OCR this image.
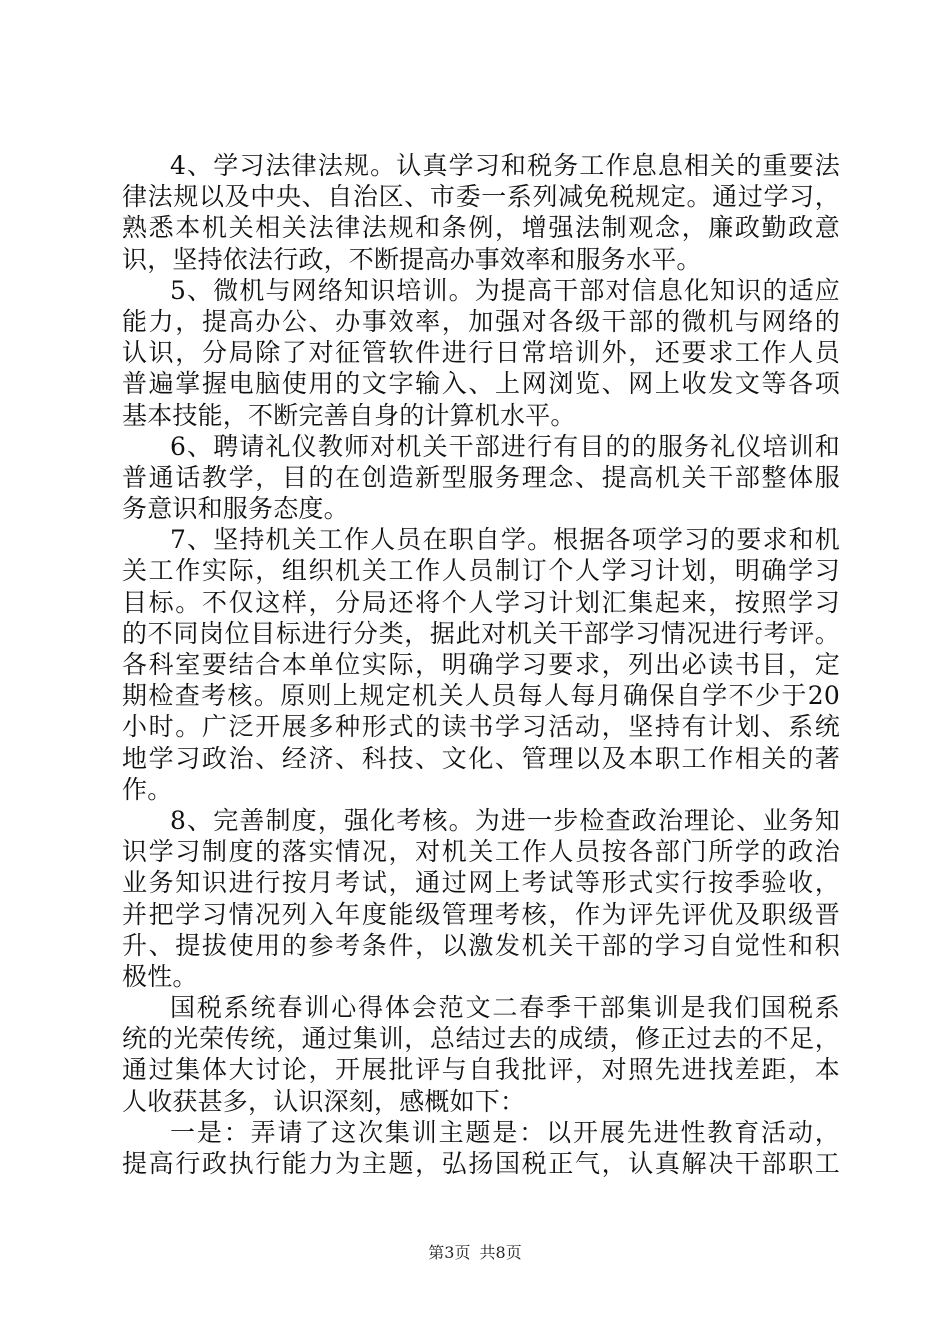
4、学习法律法规。认真学习和税务工作息息相关的重要法
律法规以及中央、自治区、市委一系列减免税规定。通过学习，
熟悉本机关相关法律法规和条例，增强法制观念，廉政勤政意
识，坚持依法行政，不断提高办事效率和服务水平。
5、微机与网络知识培训。为提高干部对信息化知识的适应
能力，提高办公、办事效率，加强对各级干部的微机与网络的
认识，分局除了对征管软件进行日常培训外，还要求工作人员
普遍掌握电脑使用的文字输入、上网浏览、网上收发文等各项
基本技能，不断完善自身的计算机水平。
6、聘请礼仪教师对机关干部进行有目的的服务礼仪培训和
普通话教学，目的在创造新型服务理念、提高机关干部整体服
务意识和服务态度。
7、坚持机关工作人员在职自学。根据各项学习的要求和机
关工作实际，组织机关工作人员制订个人学习计划，明确学习
目标。不仅这样，分局还将个人学习计划汇集起来，按照学习
的不同岗位目标进行分类，据此对机关干部学习情况进行考评。
各科室要结合本单位实际，明确学习要求，列出必读书目，定
期检查考核。原则上规定机关人员每人每月确保自学不少于20
小时。广泛开展多种形式的读书学习活动，坚持有计划、系统
地学习政治、经济、科技、文化、管理以及本职工作相关的著
作。
8、完善制度，强化考核。为进一步检查政治理论、业务知
识学习制度的落实情况，对机关工作人员按各部门所学的政治
业务知识进行按月考试，通过网上考试等形式实行按季验收，
并把学习情况列入年度能级管理考核，作为评先评优及职级晋
升、提拔使用的参考条件，以激发机关干部的学习自觉性和积
极性。
国税系统春训心得体会范文二春季干部集训是我们国税系
统的光荣传统，通过集训，总结过去的成绩，修正过去的不足，
通过集体大讨论，开展批评与自我批评，对照先进找差距，本
人收获甚多，认识深刻，感概如下：
一是：弄请了这次集训主题是：以开展先进性教育活动，
提高行政执行能力为主题，弘扬国税正气，认真解决干部职工
第3页 共8页
